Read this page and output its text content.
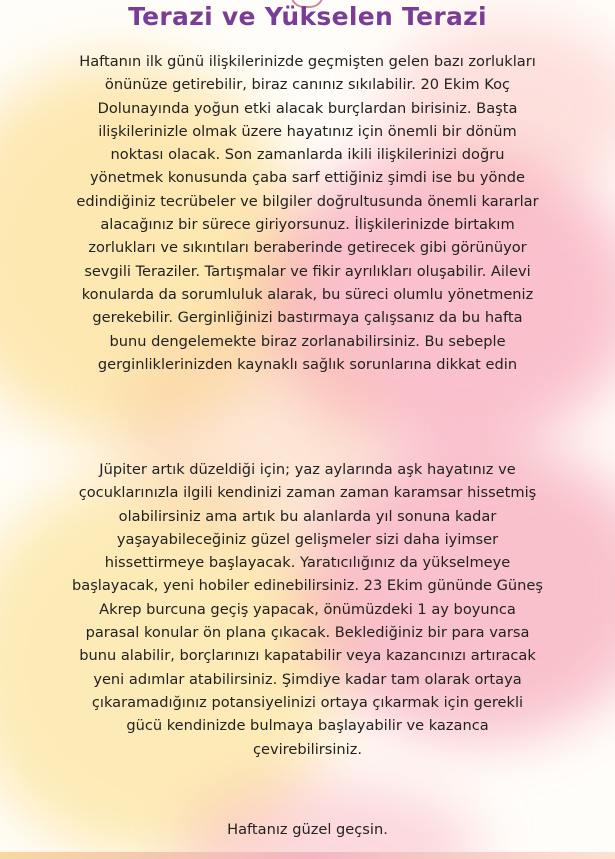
Terazi ve Yükselen Terazi
Haftanın ilk günü ilişkilerinizde geçmişten gelen bazı zorlukları
önünüze getirebilir, biraz canınız sıkılabilir. 20 Ekim Koç
Dolunayında yoğun etki alacak burçlardan birisiniz. Başta
ilişkilerinizle olmak üzere hayatınız için önemli bir dönüm
noktası olacak. Son zamanlarda ikili ilişkilerinizi doğru
yönetmek konusunda çaba sarf ettiğiniz şimdi ise bu yönde
edindiğiniz tecrübeler ve bilgiler doğrultusunda önemli kararlar
alacağınız bir sürece giriyorsunuz. İlişkilerinizde birtakım
zorlukları ve sıkıntıları beraberinde getirecek gibi görünüyor
sevgili Teraziler. Tartışmalar ve fikir ayrılıkları oluşabilir. Ailevi
konularda da sorumluluk alarak, bu süreci olumlu yönetmeniz
gerekebilir. Gerginliğinizi bastırmaya çalışsanız da bu hafta
bunu dengelemekte biraz zorlanabilirsiniz. Bu sebeple
gerginliklerinizden kaynaklı sağlık sorunlarına dikkat edin
Jüpiter artık düzeldiği için; yaz aylarında aşk hayatınız ve
çocuklarınızla ilgili kendinizi zaman zaman karamsar hissetmiş
olabilirsiniz ama artık bu alanlarda yıl sonuna kadar
yaşayabileceğiniz güzel gelişmeler sizi daha iyimser
hissettirmeye başlayacak. Yaratıcılığınız da yükselmeye
başlayacak, yeni hobiler edinebilirsiniz. 23 Ekim gününde Güneş
Akrep burcuna geçiş yapacak, önümüzdeki 1 ay boyunca
parasal konular ön plana çıkacak. Beklediğiniz bir para varsa
bunu alabilir, borçlarınızı kapatabilir veya kazancınızı artıracak
yeni adımlar atabilirsiniz. Şimdiye kadar tam olarak ortaya
çıkaramadığınız potansiyelinizi ortaya çıkarmak için gerekli
gücü kendinizde bulmaya başlayabilir ve kazanca
çevirebilirsiniz.

Haftanız güzel geçsin.
